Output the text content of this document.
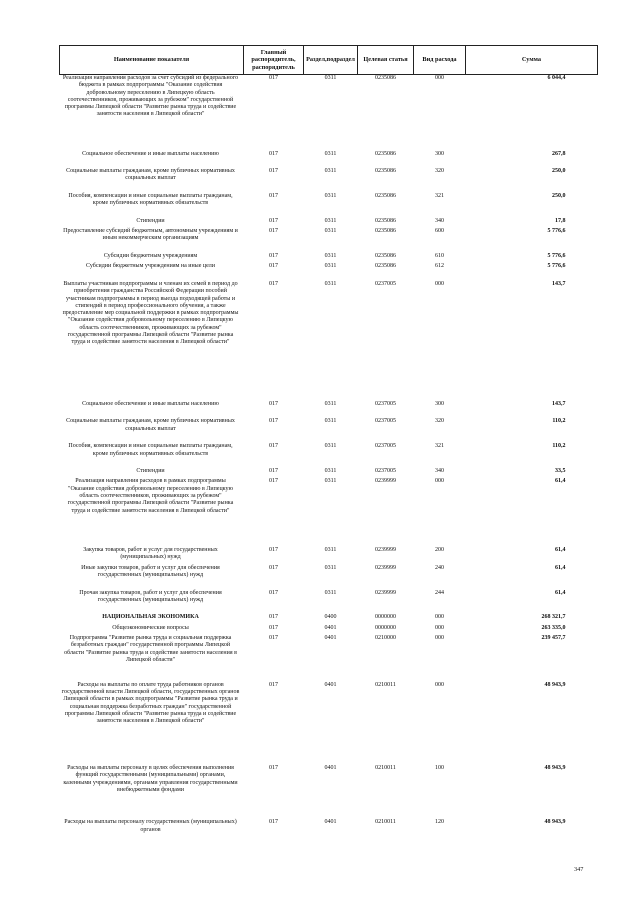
Наименование показателя	Главный распорядитель, распорядитель	Раздел,подраздел	Целевая статья	Вид расхода	Сумма
Реализация направления расходов за счет субсидий из федерального бюджета в рамках подпрограммы "Оказание содействия добровольному переселению в Липецкую область соотечественников, проживающих за рубежом" государственной программы Липецкой области "Развитие рынка труда и содействие занятости населения в Липецкой области"	017	0311	0235086	000	6 044,4
Социальное обеспечение и иные выплаты населению	017	0311	0235086	300	267,8
Социальные выплаты гражданам, кроме публичных нормативных социальных выплат	017	0311	0235086	320	250,0
Пособия, компенсации и иные социальные выплаты гражданам, кроме публичных нормативных обязательств	017	0311	0235086	321	250,0
Стипендии	017	0311	0235086	340	17,8
Предоставление субсидий бюджетным, автономным учреждениям и иным некоммерческим организациям	017	0311	0235086	600	5 776,6
Субсидии бюджетным учреждениям	017	0311	0235086	610	5 776,6
Субсидии бюджетным учреждениям на иные цели	017	0311	0235086	612	5 776,6
Выплаты участникам подпрограммы и членам их семей в период до приобретения гражданства Российской Федерации пособий участникам подпрограммы в период выезда подходящей работы и стипендий в период профессионального обучения, а также предоставление мер социальной поддержки в рамках подпрограммы "Оказание содействия добровольному переселению в Липецкую область соотечественников, проживающих за рубежом" государственной программы Липецкой области "Развитие рынка труда и содействие занятости населения в Липецкой области"	017	0311	0237005	000	143,7
Социальное обеспечение и иные выплаты населению	017	0311	0237005	300	143,7
Социальные выплаты гражданам, кроме публичных нормативных социальных выплат	017	0311	0237005	320	110,2
Пособия, компенсации и иные социальные выплаты гражданам, кроме публичных нормативных обязательств	017	0311	0237005	321	110,2
Стипендии	017	0311	0237005	340	33,5
Реализация направления расходов в рамках подпрограммы "Оказание содействия добровольному переселению в Липецкую область соотечественников, проживающих за рубежом" государственной программы Липецкой области "Развитие рынка труда и содействие занятости населения в Липецкой области"	017	0311	0239999	000	61,4
Закупка товаров, работ и услуг для государственных (муниципальных) нужд	017	0311	0239999	200	61,4
Иные закупки товаров, работ и услуг для обеспечения государственных (муниципальных) нужд	017	0311	0239999	240	61,4
Прочая закупка товаров, работ и услуг для обеспечения государственных (муниципальных) нужд	017	0311	0239999	244	61,4
НАЦИОНАЛЬНАЯ ЭКОНОМИКА	017	0400	0000000	000	268 321,7
Общеэкономические вопросы	017	0401	0000000	000	263 335,0
Подпрограмма "Развитие рынка труда и социальная поддержка безработных граждан" государственной программы Липецкой области "Развитие рынка труда и содействие занятости населения в Липецкой области"	017	0401	0210000	000	239 457,7
Расходы на выплаты по оплате труда работников органов государственной власти Липецкой области, государственных органов Липецкой области в рамках подпрограммы "Развитие рынка труда и социальная поддержка безработных граждан" государственной программы Липецкой области "Развитие рынка труда и содействие занятости населения в Липецкой области"	017	0401	0210011	000	48 943,9
Расходы на выплаты персоналу в целях обеспечения выполнения функций государственными (муниципальными) органами, казенными учреждениями, органами управления государственными внебюджетными фондами	017	0401	0210011	100	48 943,9
Расходы на выплаты персоналу государственных (муниципальных) органов	017	0401	0210011	120	48 943,9
347
